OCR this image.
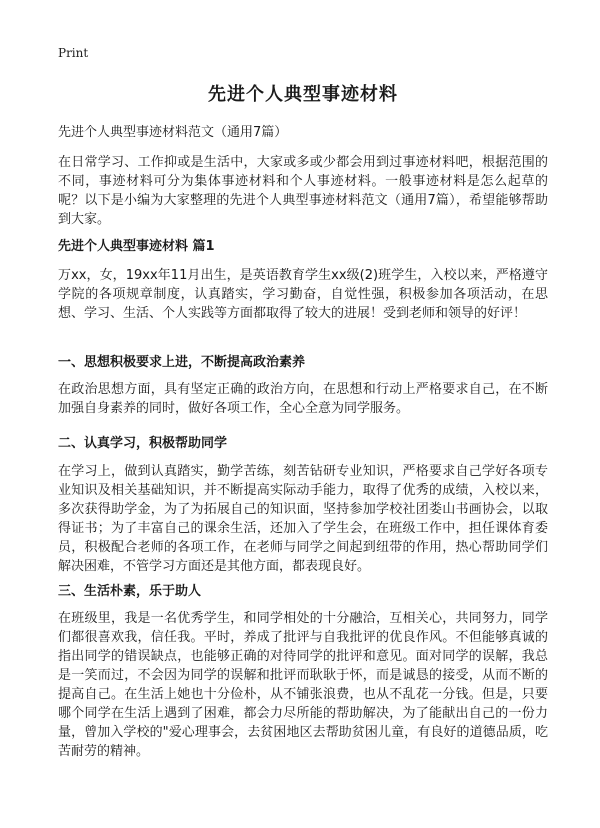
Print
先进个人典型事迹材料

先进个人典型事迹材料范文（通用7篇）

在日常学习、工作抑或是生活中，大家或多或少都会用到过事迹材料吧，根据范围的不同，事迹材料可分为集体事迹材料和个人事迹材料。一般事迹材料是怎么起草的呢？以下是小编为大家整理的先进个人典型事迹材料范文（通用7篇），希望能够帮助到大家。

先进个人典型事迹材料 篇1

万xx，女，19xx年11月出生，是英语教育学生xx级(2)班学生，入校以来，严格遵守学院的各项规章制度，认真踏实，学习勤奋，自觉性强，积极参加各项活动，在思想、学习、生活、个人实践等方面都取得了较大的进展！受到老师和领导的好评！

一、思想积极要求上进，不断提高政治素养

在政治思想方面，具有坚定正确的政治方向，在思想和行动上严格要求自己，在不断加强自身素养的同时，做好各项工作，全心全意为同学服务。

二、认真学习，积极帮助同学

在学习上，做到认真踏实，勤学苦练，刻苦钻研专业知识，严格要求自己学好各项专业知识及相关基础知识，并不断提高实际动手能力，取得了优秀的成绩，入校以来，多次获得助学金，为了为拓展自己的知识面，坚持参加学校社团娄山书画协会，以取得证书；为了丰富自己的课余生活，还加入了学生会，在班级工作中，担任课体育委员，积极配合老师的各项工作，在老师与同学之间起到纽带的作用，热心帮助同学们解决困难，不管学习方面还是其他方面，都表现良好。

三、生活朴素，乐于助人

在班级里，我是一名优秀学生，和同学相处的十分融洽，互相关心，共同努力，同学们都很喜欢我，信任我。平时，养成了批评与自我批评的优良作风。不但能够真诚的指出同学的错误缺点，也能够正确的对待同学的批评和意见。面对同学的误解，我总是一笑而过，不会因为同学的误解和批评而耿耿于怀，而是诚恳的接受，从而不断的提高自己。在生活上她也十分俭朴，从不铺张浪费，也从不乱花一分钱。但是，只要哪个同学在生活上遇到了困难，都会力尽所能的帮助解决，为了能献出自己的一份力量，曾加入学校的"爱心理事会，去贫困地区去帮助贫困儿童，有良好的道德品质，吃苦耐劳的精神。
